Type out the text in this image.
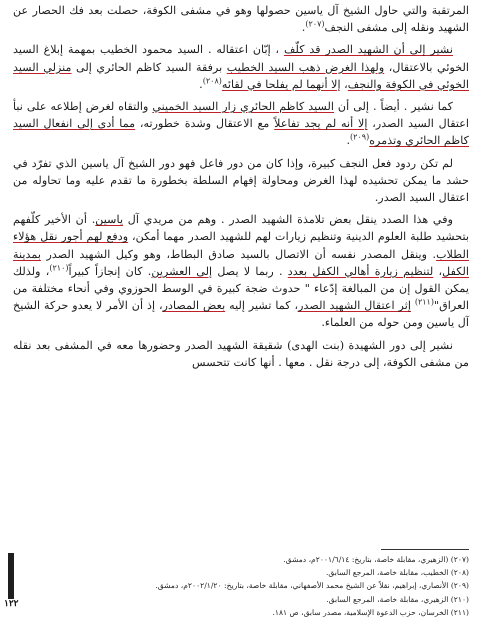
المرتقبة والتي حاول الشيخ آل ياسين حصولها وهو في مشفى الكوفة، حصلت بعد فك الحصار عن الشهيد ونقله إلى مشفى النجف$^{(٢٠٧)}$.

نشير إلى أن الشهيد الصدر قد كلّف ، إبّان اعتقاله . السيد محمود الخطيب بمهمة إبلاغ السيد الخوئي بالاعتقال، ولهذا الغرض ذهب السيد الخطيب برفقة السيد كاظم الحائري إلى منزلي السيد الخوئي في الكوفة والنجف، إلا أنهما لم يفلحا في لقائه$^{(٢٠٨)}$.

كما نشير . أيضاً . إلى أن السيد كاظم الحائري زار السيد الخميني والتقاه لغرض إطلاعه على نبأ اعتقال السيد الصدر، إلا أنه لم يجد تفاعلاً مع الاعتقال وشدة خطورته، مما أدى إلى انفعال السيد كاظم الحائري وتذمره$^{(٢٠٩)}$.

لم تكن ردود فعل النجف كبيرة، وإذا كان من دور فاعل فهو دور الشيخ آل ياسين الذي تفرّد في حشد ما يمكن تحشيده لهذا الغرض ومحاولة إفهام السلطة بخطورة ما تقدم عليه وما تحاوله من اعتقال السيد الصدر.

وفي هذا الصدد ينقل بعض تلامذة الشهيد الصدر . وهم من مريدي آل ياسين. أن الأخير كلّفهم بتحشيد طلبة العلوم الدينية وتنظيم زيارات لهم للشهيد الصدر مهما أمكن، ودفع لهم أجور نقل هؤلاء الطلاب. وينقل المصدر نفسه أن الاتصال بالسيد صادق البطاط، وهو وكيل الشهيد الصدر بمدينة الكفل، لتنظيم زيارة أهالي الكفل بعدد . ربما لا يصل إلى العشرين. كان إنجازاً كبيراً$^{(٢١٠)}$، ولذلك يمكن القول إن من المبالغة إدّعاء " حدوث ضجة كبيرة في الوسط الحوزوي وفي أنحاء مختلفة من العراق"$^{(٢١١)}$ إثر اعتقال الشهيد الصدر، كما تشير إليه بعض المصادر، إذ أن الأمر لا يعدو حركة الشيخ آل ياسين ومن حوله من العلماء.

نشير إلى دور الشهيدة (بنت الهدى) شقيقة الشهيد الصدر وحضورها معه في المشفى بعد نقله من مشفى الكوفة، إلى درجة نقل . معها . أنها كانت تتحسس

(٢٠٧) (الزهيري، مقابلة خاصة، بتاريخ: ٢٠٠١/٦/١٤م، دمشق.

(٢٠٨) الخطيب، مقابلة خاصة، المرجع السابق.

(٢٠٩) الأنصاري، إبراهيم، نقلاً عن الشيخ محمد الأصفهاني، مقابلة خاصة، بتاريخ: ٢٠٠٢/١/٢٠م، دمشق.

(٢١٠) الزهيري، مقابلة خاصة، المرجع السابق.

(٢١١) الخرسان، حزب الدعوة الإسلامية، مصدر سابق، ص ١٨١.

١٢٢
